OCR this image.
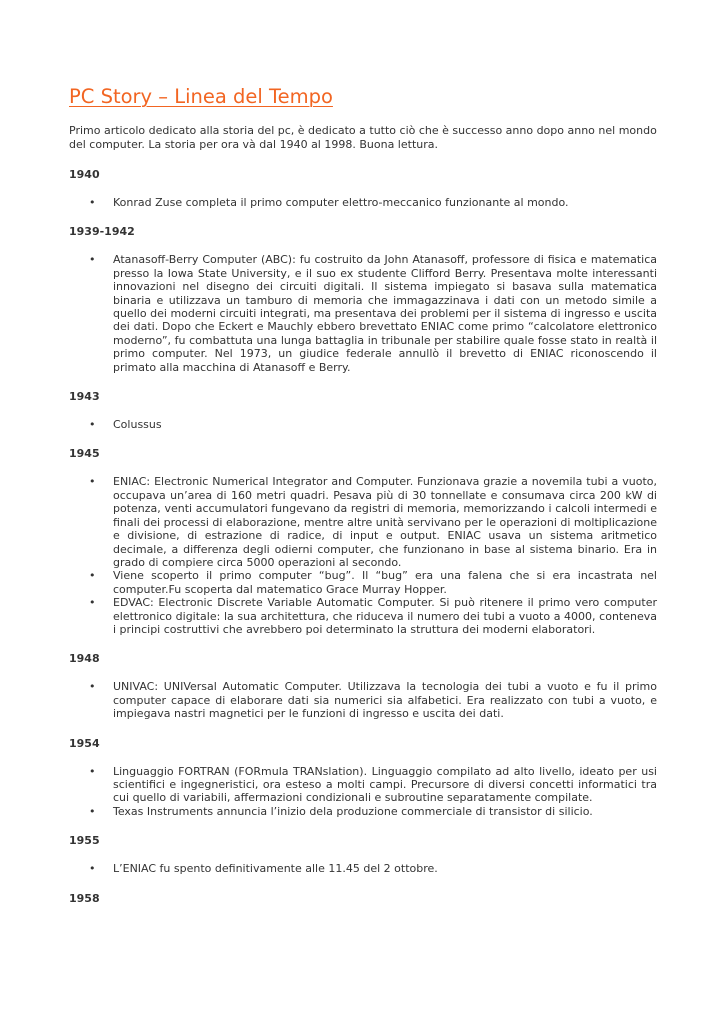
PC Story – Linea del Tempo

Primo articolo dedicato alla storia del pc, è dedicato a tutto ciò che è successo anno dopo anno nel mondo del computer. La storia per ora và dal 1940 al 1998. Buona lettura.

1940
• Konrad Zuse completa il primo computer elettro-meccanico funzionante al mondo.
1939-1942
• Atanasoff-Berry Computer (ABC): fu costruito da John Atanasoff, professore di fisica e matematica presso la Iowa State University, e il suo ex studente Clifford Berry. Presentava molte interessanti innovazioni nel disegno dei circuiti digitali. Il sistema impiegato si basava sulla matematica binaria e utilizzava un tamburo di memoria che immagazzinava i dati con un metodo simile a quello dei moderni circuiti integrati, ma presentava dei problemi per il sistema di ingresso e uscita dei dati. Dopo che Eckert e Mauchly ebbero brevettato ENIAC come primo “calcolatore elettronico moderno”, fu combattuta una lunga battaglia in tribunale per stabilire quale fosse stato in realtà il primo computer. Nel 1973, un giudice federale annullò il brevetto di ENIAC riconoscendo il primato alla macchina di Atanasoff e Berry.
1943
• Colussus
1945
• ENIAC: Electronic Numerical Integrator and Computer. Funzionava grazie a novemila tubi a vuoto, occupava un’area di 160 metri quadri. Pesava più di 30 tonnellate e consumava circa 200 kW di potenza, venti accumulatori fungevano da registri di memoria, memorizzando i calcoli intermedi e finali dei processi di elaborazione, mentre altre unità servivano per le operazioni di moltiplicazione e divisione, di estrazione di radice, di input e output. ENIAC usava un sistema aritmetico decimale, a differenza degli odierni computer, che funzionano in base al sistema binario. Era in grado di compiere circa 5000 operazioni al secondo.
• Viene scoperto il primo computer “bug”. Il “bug” era una falena che si era incastrata nel computer.Fu scoperta dal matematico Grace Murray Hopper.
• EDVAC: Electronic Discrete Variable Automatic Computer. Si può ritenere il primo vero computer elettronico digitale: la sua architettura, che riduceva il numero dei tubi a vuoto a 4000, conteneva i principi costruttivi che avrebbero poi determinato la struttura dei moderni elaboratori.
1948
• UNIVAC: UNIVersal Automatic Computer. Utilizzava la tecnologia dei tubi a vuoto e fu il primo computer capace di elaborare dati sia numerici sia alfabetici. Era realizzato con tubi a vuoto, e impiegava nastri magnetici per le funzioni di ingresso e uscita dei dati.
1954
• Linguaggio FORTRAN (FORmula TRANslation). Linguaggio compilato ad alto livello, ideato per usi scientifici e ingegneristici, ora esteso a molti campi. Precursore di diversi concetti informatici tra cui quello di variabili, affermazioni condizionali e subroutine separatamente compilate.
• Texas Instruments annuncia l’inizio dela produzione commerciale di transistor di silicio.
1955
• L’ENIAC fu spento definitivamente alle 11.45 del 2 ottobre.
1958
